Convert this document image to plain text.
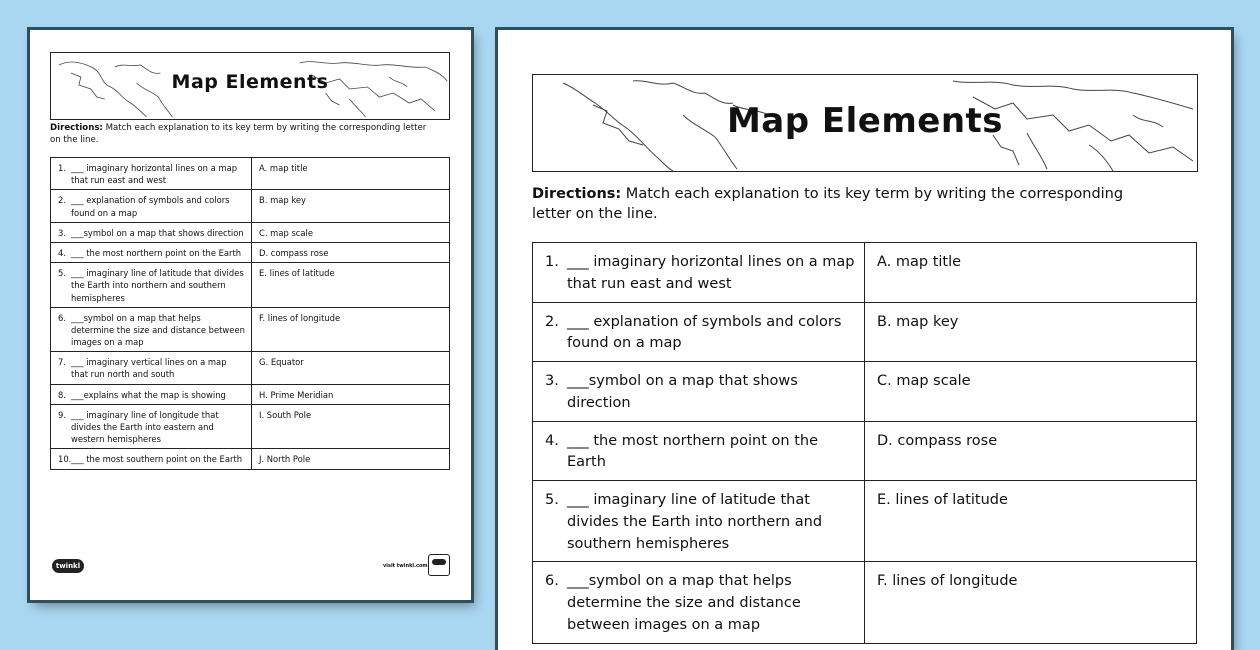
Map Elements
Directions: Match each explanation to its key term by writing the corresponding letter on the line.
1. ___ imaginary horizontal lines on a map that run east and west	A. map title

2. ___ explanation of symbols and colors found on a map	B. map key

3. ___symbol on a map that shows direction	C. map scale

4. ___ the most northern point on the Earth	D. compass rose

5. ___ imaginary line of latitude that divides the Earth into northern and southern hemispheres	E. lines of latitude

6. ___symbol on a map that helps determine the size and distance between images on a map	F. lines of longitude

7. ___ imaginary vertical lines on a map that run north and south	G. Equator

8. ___explains what the map is showing	H. Prime Meridian

9. ___ imaginary line of longitude that divides the Earth into eastern and western hemispheres	I. South Pole

10. ___ the most southern point on the Earth	J. North Pole
twinkl	visit twinkl.com
Map Elements
Directions: Match each explanation to its key term by writing the corresponding letter on the line.
1. ___ imaginary horizontal lines on a map that run east and west	A. map title

2. ___ explanation of symbols and colors found on a map	B. map key

3. ___symbol on a map that shows direction	C. map scale

4. ___ the most northern point on the Earth	D. compass rose

5. ___ imaginary line of latitude that divides the Earth into northern and southern hemispheres	E. lines of latitude

6. ___symbol on a map that helps determine the size and distance between images on a map	F. lines of longitude
